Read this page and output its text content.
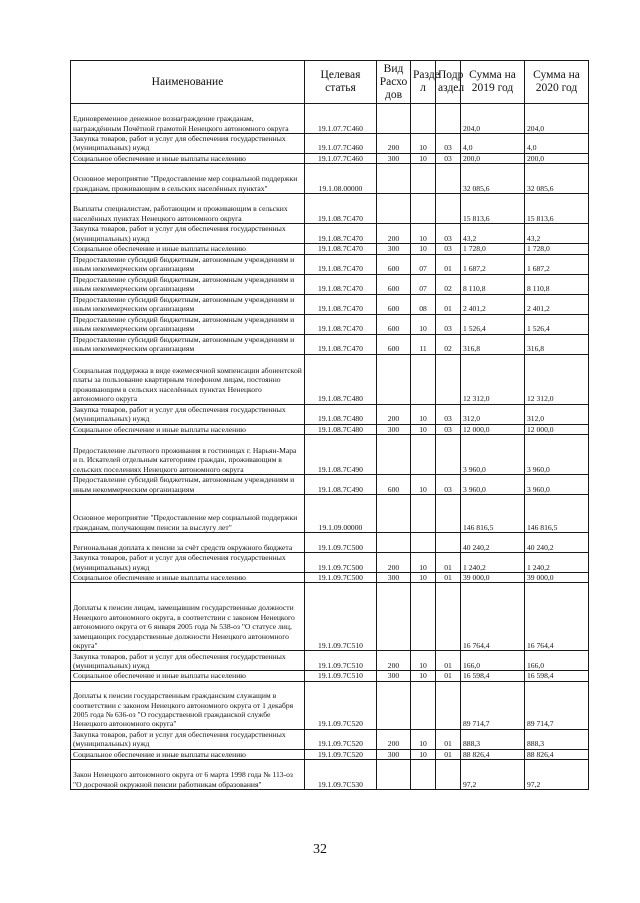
Наименование	Целевая статья	Вид Расхо дов	Разде л	Подр аздел	Сумма на 2019 год	Сумма на 2020 год
Единовременное денежное вознаграждение гражданам, награждённым Почётной грамотой Ненецкого автономного округа	19.1.07.7С460				204,0	204,0
Закупка товаров, работ и услуг для обеспечения государственных (муниципальных) нужд	19.1.07.7С460	200	10	03	4,0	4,0
Социальное обеспечение и иные выплаты населению	19.1.07.7С460	300	10	03	200,0	200,0
Основное мероприятие "Предоставление мер социальной поддержки гражданам, проживающим в сельских населённых пунктах"	19.1.08.00000				32 085,6	32 085,6
Выплаты специалистам, работающим и проживающим в сельских населённых пунктах Ненецкого автономного округа	19.1.08.7С470				15 813,6	15 813,6
Закупка товаров, работ и услуг для обеспечения государственных (муниципальных) нужд	19.1.08.7С470	200	10	03	43,2	43,2
Социальное обеспечение и иные выплаты населению	19.1.08.7С470	300	10	03	1 728,0	1 728,0
Предоставление субсидий бюджетным, автономным учреждениям и иным некоммерческим организациям	19.1.08.7С470	600	07	01	1 687,2	1 687,2
Предоставление субсидий бюджетным, автономным учреждениям и иным некоммерческим организациям	19.1.08.7С470	600	07	02	8 110,8	8 110,8
Предоставление субсидий бюджетным, автономным учреждениям и иным некоммерческим организациям	19.1.08.7С470	600	08	01	2 401,2	2 401,2
Предоставление субсидий бюджетным, автономным учреждениям и иным некоммерческим организациям	19.1.08.7С470	600	10	03	1 526,4	1 526,4
Предоставление субсидий бюджетным, автономным учреждениям и иным некоммерческим организациям	19.1.08.7С470	600	11	02	316,8	316,8
Социальная поддержка в виде ежемесячной компенсации абонентской платы за пользование квартирным телефоном лицам, постоянно проживающим в сельских населённых пунктах Ненецкого автономного округа	19.1.08.7С480				12 312,0	12 312,0
Закупка товаров, работ и услуг для обеспечения государственных (муниципальных) нужд	19.1.08.7С480	200	10	03	312,0	312,0
Социальное обеспечение и иные выплаты населению	19.1.08.7С480	300	10	03	12 000,0	12 000,0
Предоставление льготного проживания в гостиницах г. Нарьян-Мара и п. Искателей отдельным категориям граждан, проживающим в сельских поселениях Ненецкого автономного округа	19.1.08.7С490				3 960,0	3 960,0
Предоставление субсидий бюджетным, автономным учреждениям и иным некоммерческим организациям	19.1.08.7С490	600	10	03	3 960,0	3 960,0
Основное мероприятие "Предоставление мер социальной поддержки гражданам, получающим пенсии за выслугу лет"	19.1.09.00000				146 816,5	146 816,5
Региональная доплата к пенсии за счёт средств окружного бюджета	19.1.09.7С500				40 240,2	40 240,2
Закупка товаров, работ и услуг для обеспечения государственных (муниципальных) нужд	19.1.09.7С500	200	10	01	1 240,2	1 240,2
Социальное обеспечение и иные выплаты населению	19.1.09.7С500	300	10	01	39 000,0	39 000,0
Доплаты к пенсии лицам, замещавшим государственные должности Ненецкого автономного округа, в соответствии с законом Ненецкого автономного округа от 6 января 2005 года № 538-оз "О статусе лиц, замещающих государственные должности Ненецкого автономного округа"	19.1.09.7С510				16 764,4	16 764,4
Закупка товаров, работ и услуг для обеспечения государственных (муниципальных) нужд	19.1.09.7С510	200	10	01	166,0	166,0
Социальное обеспечение и иные выплаты населению	19.1.09.7С510	300	10	01	16 598,4	16 598,4
Доплаты к пенсии государственным гражданским служащим в соответствии с законом Ненецкого автономного округа от 1 декабря 2005 года № 636-оз "О государственной гражданской службе Ненецкого автономного округа"	19.1.09.7С520				89 714,7	89 714,7
Закупка товаров, работ и услуг для обеспечения государственных (муниципальных) нужд	19.1.09.7С520	200	10	01	888,3	888,3
Социальное обеспечение и иные выплаты населению	19.1.09.7С520	300	10	01	88 826,4	88 826,4
Закон Ненецкого автономного округа от 6 марта 1998 года № 113-оз "О досрочной окружной пенсии работникам образования"	19.1.09.7С530				97,2	97,2
32
